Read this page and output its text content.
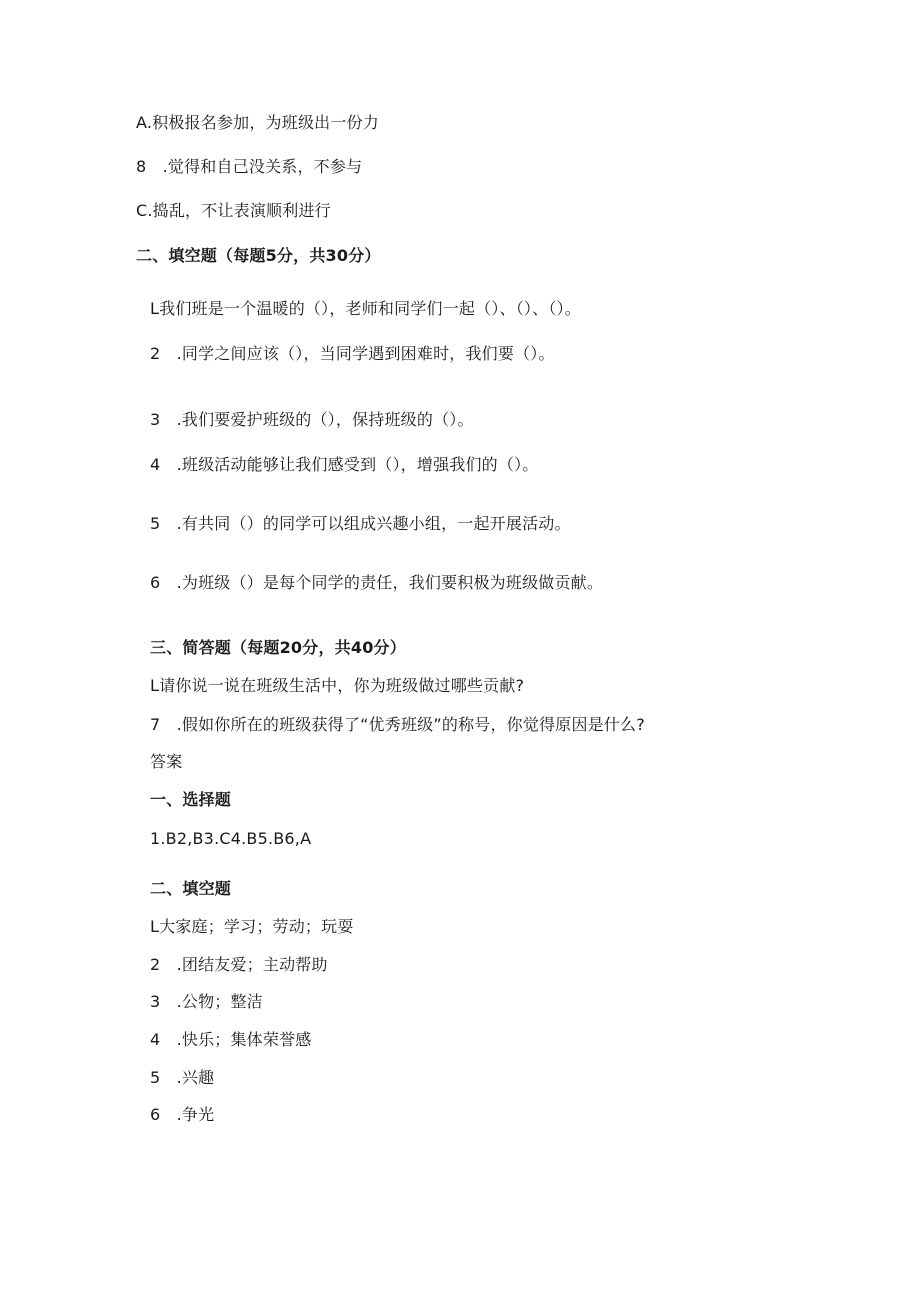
A.积极报名参加，为班级出一份力
8　.觉得和自己没关系，不参与
C.捣乱，不让表演顺利进行
二、填空题（每题5分，共30分）
L我们班是一个温暖的（），老师和同学们一起（）、（）、（）。
2　.同学之间应该（），当同学遇到困难时，我们要（）。
3　.我们要爱护班级的（），保持班级的（）。
4　.班级活动能够让我们感受到（），增强我们的（）。
5　.有共同（）的同学可以组成兴趣小组，一起开展活动。
6　.为班级（）是每个同学的责任，我们要积极为班级做贡献。
三、简答题（每题20分，共40分）
L请你说一说在班级生活中，你为班级做过哪些贡献?
7　.假如你所在的班级获得了“优秀班级”的称号，你觉得原因是什么?
答案
一、选择题
1.B2,B3.C4.B5.B6,A
二、填空题
L大家庭；学习；劳动；玩耍
2　.团结友爱；主动帮助
3　.公物；整洁
4　.快乐；集体荣誉感
5　.兴趣
6　.争光
